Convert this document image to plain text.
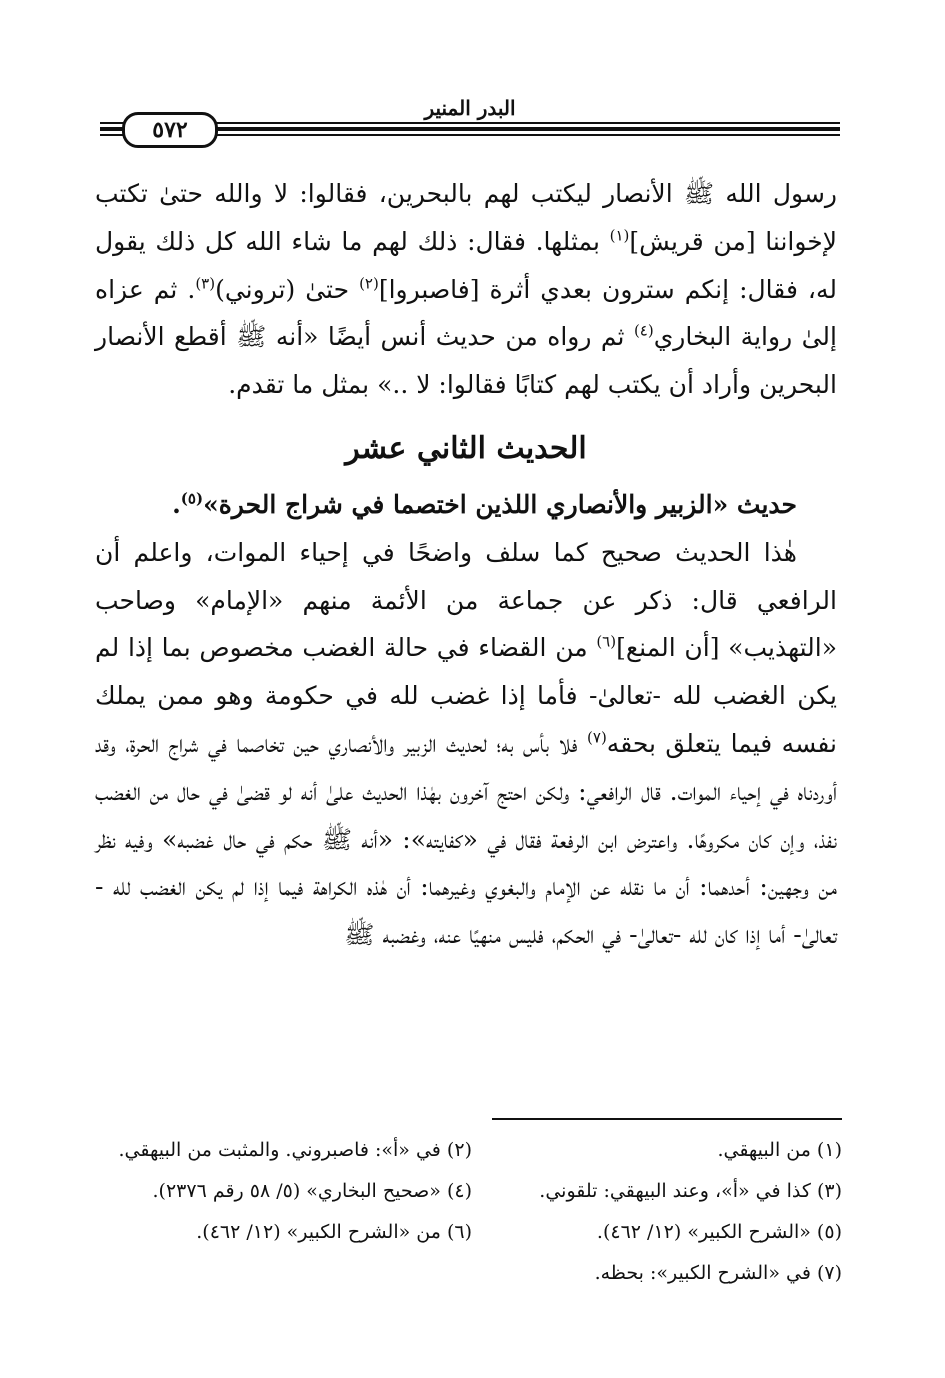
البدر المنير
٥٧٢

رسول الله ﷺ الأنصار ليكتب لهم بالبحرين، فقالوا: لا والله حتىٰ تكتب لإخواننا [من قريش]$^{(١)}$ بمثلها. فقال: ذلك لهم ما شاء الله كل ذلك يقول له، فقال: إنكم سترون بعدي أثرة [فاصبروا]$^{(٢)}$ حتىٰ (تروني)$^{(٣)}$. ثم عزاه إلىٰ رواية البخاري$^{(٤)}$ ثم رواه من حديث أنس أيضًا «أنه ﷺ أقطع الأنصار البحرين وأراد أن يكتب لهم كتابًا فقالوا: لا ..» بمثل ما تقدم.

الحديث الثاني عشر

حديث «الزبير والأنصاري اللذين اختصما في شراج الحرة»$^{(٥)}$.

هٰذا الحديث صحيح كما سلف واضحًا في إحياء الموات، واعلم أن الرافعي قال: ذكر عن جماعة من الأئمة منهم «الإمام» وصاحب «التهذيب» [أن المنع]$^{(٦)}$ من القضاء في حالة الغضب مخصوص بما إذا لم يكن الغضب لله -تعالىٰ- فأما إذا غضب لله في حكومة وهو ممن يملك نفسه فيما يتعلق بحقه$^{(٧)}$ فلا بأس به؛ لحديث الزبير والأنصاري حين تخاصما في شراج الحرة، وقد أوردناه في إحياء الموات. قال الرافعي: ولكن احتج آخرون بهٰذا الحديث علىٰ أنه لو قضىٰ في حال من الغضب نفذ، وإن كان مكروهًا. واعترض ابن الرفعة فقال في «كفايته»: «أنه ﷺ حكم في حال غضبه» وفيه نظر من وجهين: أحدهما: أن ما نقله عن الإمام والبغوي وغيرهما: أن هٰذه الكراهة فيما إذا لم يكن الغضب لله - تعالىٰ- أما إذا كان لله -تعالىٰ- في الحكم، فليس منهيًا عنه، وغضبه ﷺ

(١) من البيهقي.
(٢) في «أ»: فاصبروني. والمثبت من البيهقي.
(٣) كذا في «أ»، وعند البيهقي: تلقوني.
(٤) «صحيح البخاري» (٥/ ٥٨ رقم ٢٣٧٦).
(٥) «الشرح الكبير» (١٢/ ٤٦٢).
(٦) من «الشرح الكبير» (١٢/ ٤٦٢).
(٧) في «الشرح الكبير»: بحظه.
